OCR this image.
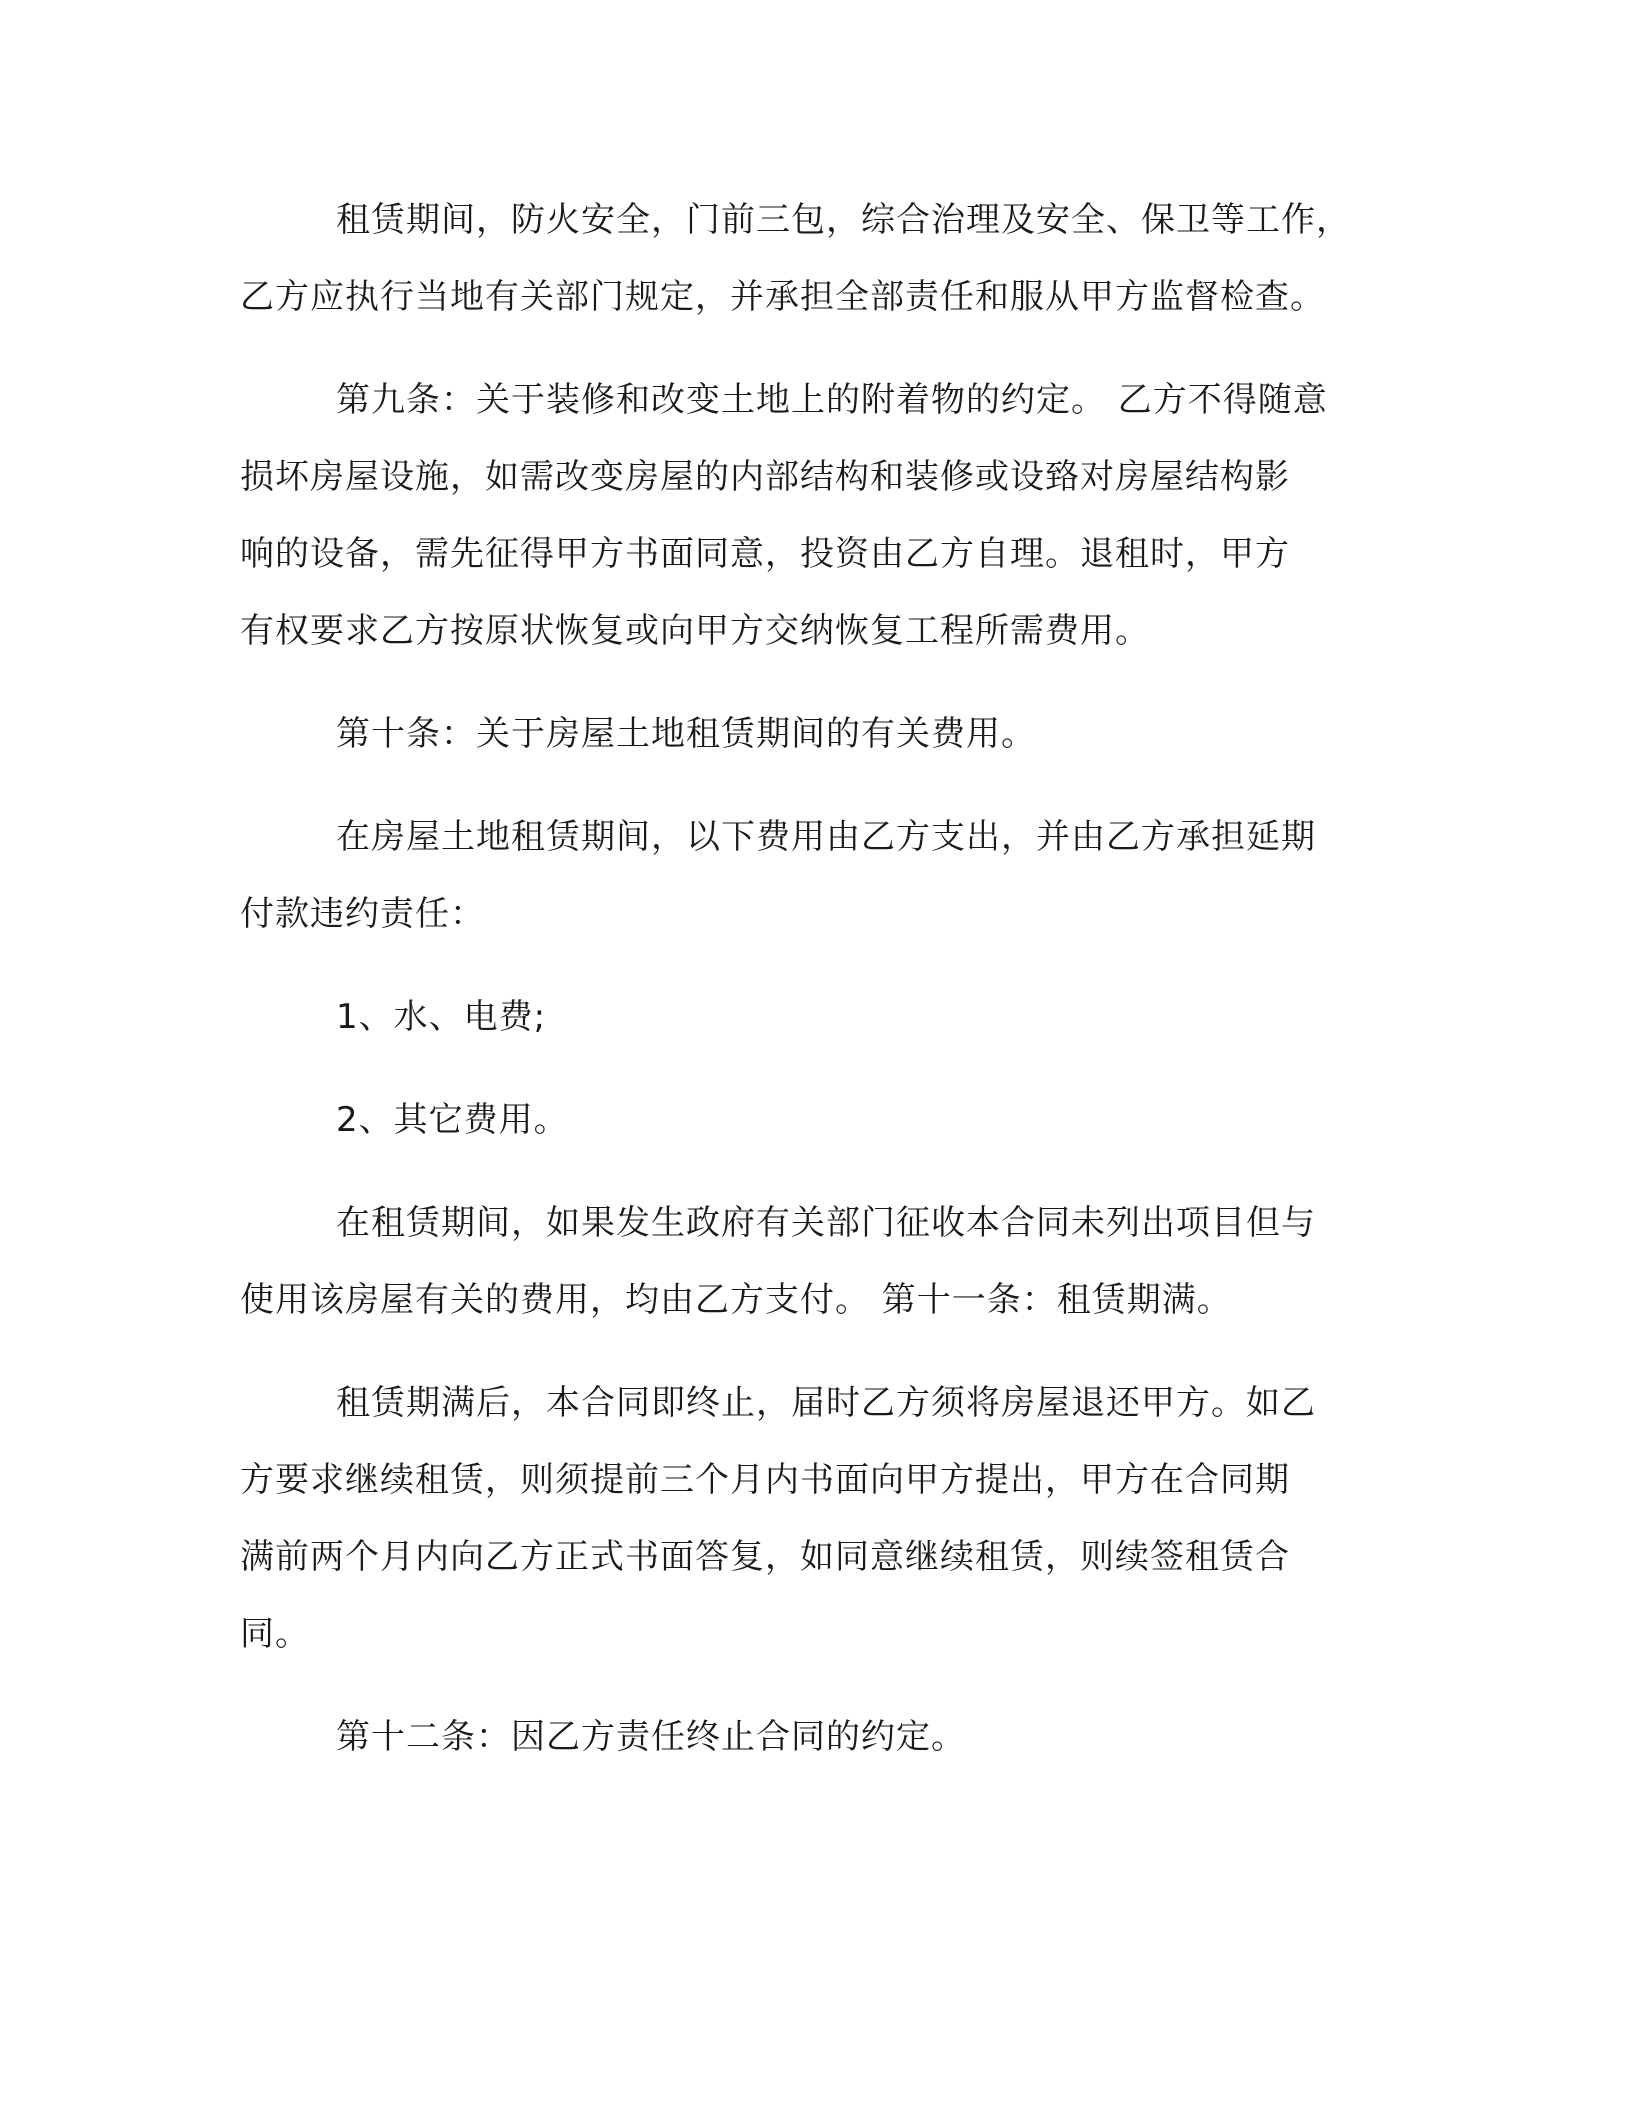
租赁期间，防火安全，门前三包，综合治理及安全、保卫等工作，
乙方应执行当地有关部门规定，并承担全部责任和服从甲方监督检查。

第九条：关于装修和改变土地上的附着物的约定。 乙方不得随意
损坏房屋设施，如需改变房屋的内部结构和装修或设臵对房屋结构影
响的设备，需先征得甲方书面同意，投资由乙方自理。退租时，甲方
有权要求乙方按原状恢复或向甲方交纳恢复工程所需费用。

第十条：关于房屋土地租赁期间的有关费用。

在房屋土地租赁期间，以下费用由乙方支出，并由乙方承担延期
付款违约责任：

1、水、电费;

2、其它费用。

在租赁期间，如果发生政府有关部门征收本合同未列出项目但与
使用该房屋有关的费用，均由乙方支付。 第十一条：租赁期满。

租赁期满后，本合同即终止，届时乙方须将房屋退还甲方。如乙
方要求继续租赁，则须提前三个月内书面向甲方提出，甲方在合同期
满前两个月内向乙方正式书面答复，如同意继续租赁，则续签租赁合
同。

第十二条：因乙方责任终止合同的约定。
